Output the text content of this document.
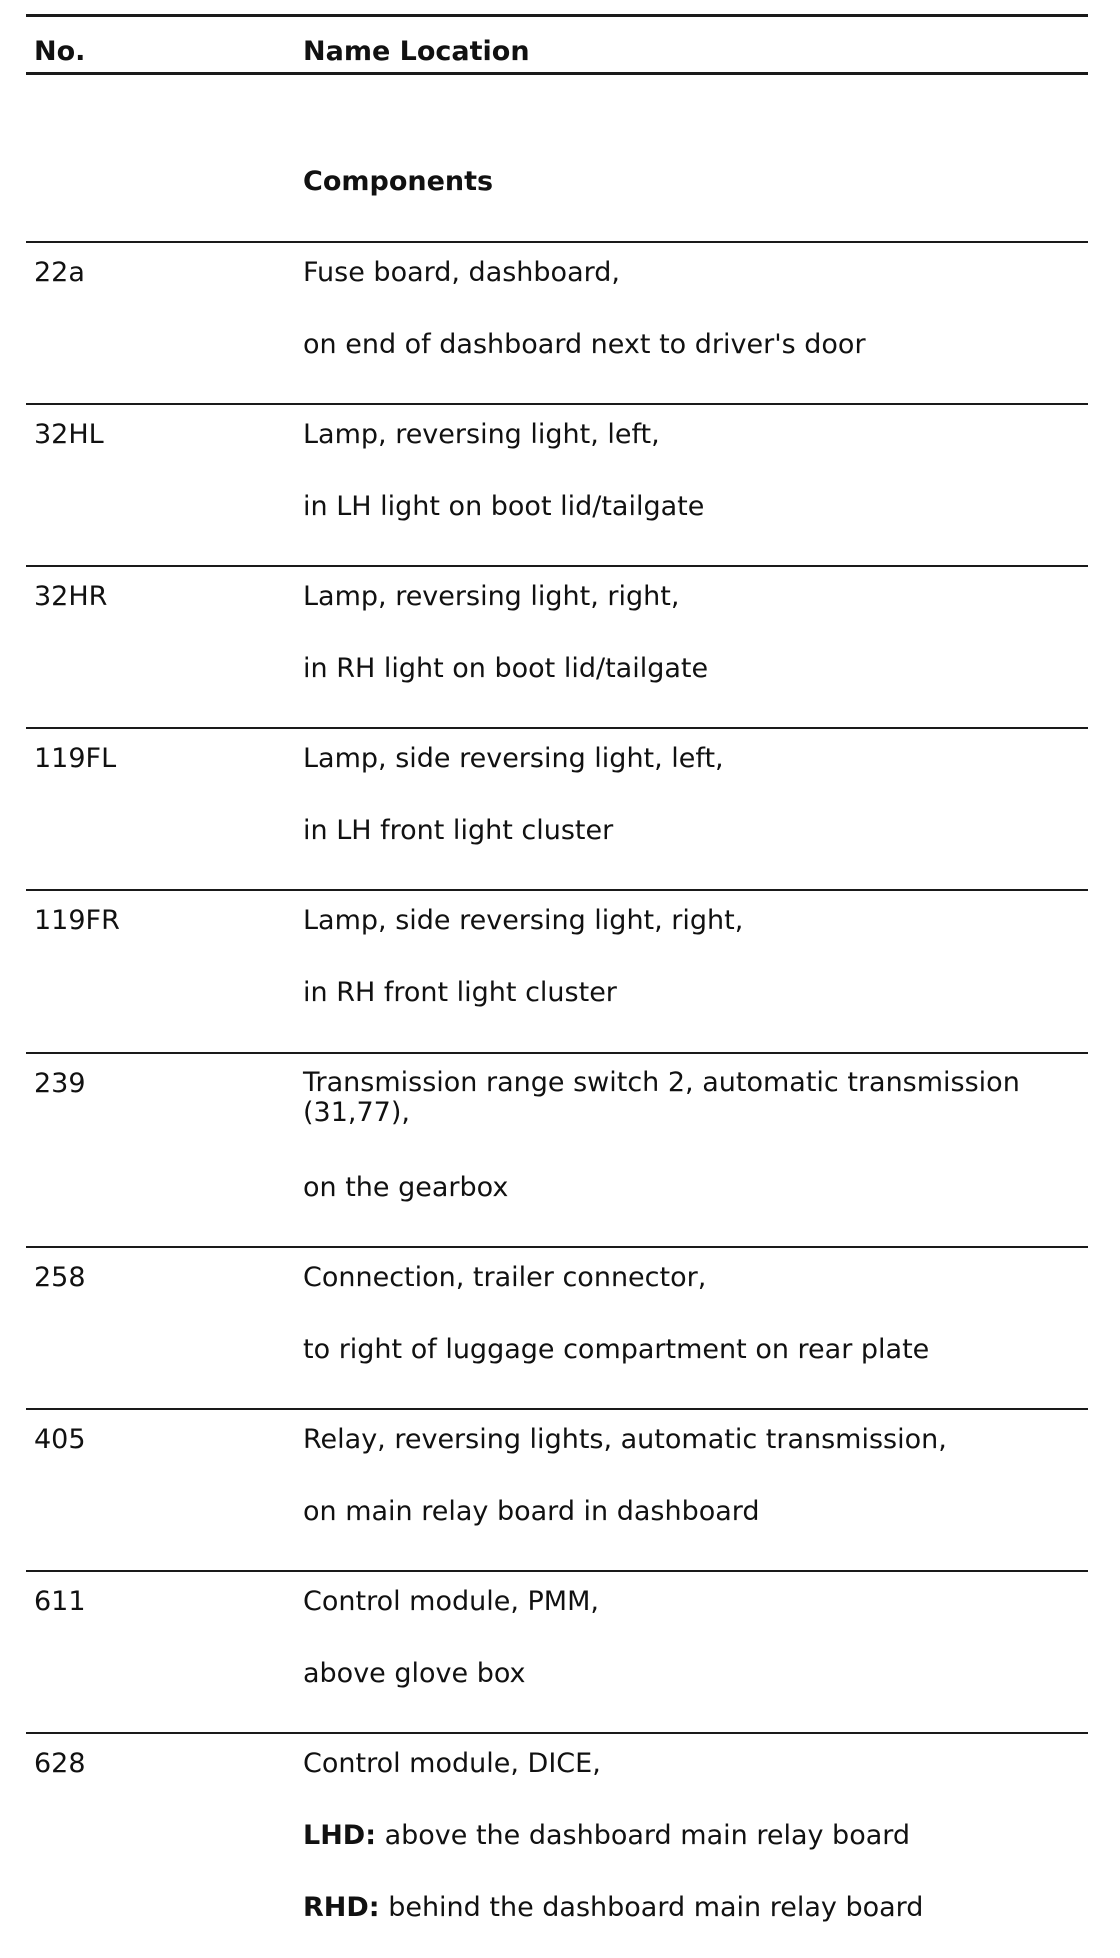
No.	Name Location
Components
22a	Fuse board, dashboard,
on end of dashboard next to driver's door
32HL	Lamp, reversing light, left,
in LH light on boot lid/tailgate
32HR	Lamp, reversing light, right,
in RH light on boot lid/tailgate
119FL	Lamp, side reversing light, left,
in LH front light cluster
119FR	Lamp, side reversing light, right,
in RH front light cluster
239	Transmission range switch 2, automatic transmission (31,77),
on the gearbox
258	Connection, trailer connector,
to right of luggage compartment on rear plate
405	Relay, reversing lights, automatic transmission,
on main relay board in dashboard
611	Control module, PMM,
above glove box
628	Control module, DICE,
LHD: above the dashboard main relay board
RHD: behind the dashboard main relay board
